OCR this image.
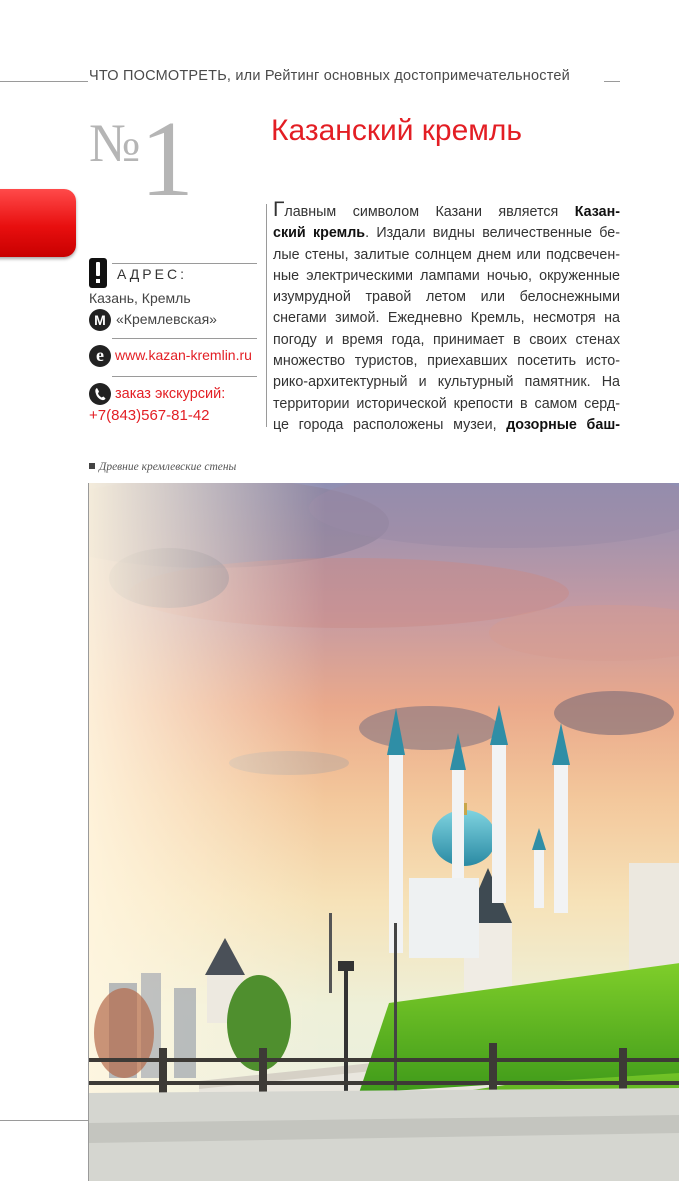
ЧТО ПОСМОТРЕТЬ, или Рейтинг основных достопримечательностей
№ 1	Казанский кремль
АДРЕС:
Казань, Кремль
М «Кремлевская»
e www.kazan-kremlin.ru
заказ экскурсий:
+7(843)567-81-42
Главным символом Казани является Казан-
ский кремль. Издали видны величественные бе-
лые стены, залитые солнцем днем или подсвечен-
ные электрическими лампами ночью, окруженные
изумрудной травой летом или белоснежными
снегами зимой. Ежедневно Кремль, несмотря на
погоду и время года, принимает в своих стенах
множество туристов, приехавших посетить исто-
рико-архитектурный и культурный памятник. На
территории исторической крепости в самом серд-
це города расположены музеи, дозорные баш-
Древние кремлевские стены
